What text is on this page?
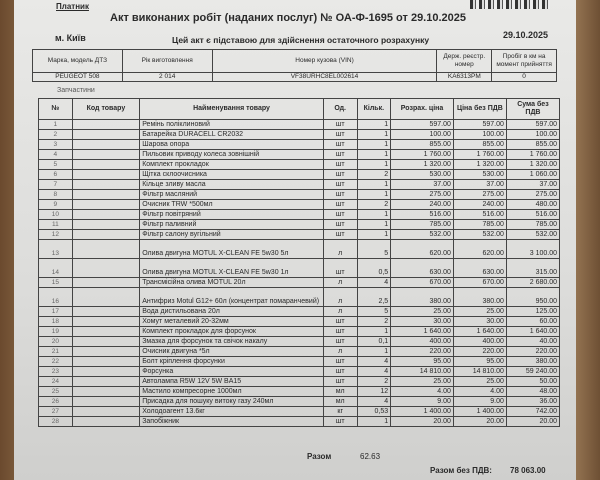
Платник
Акт виконаних робіт (наданих послуг) № ОА-Ф-1695 от 29.10.2025
м. Київ	29.10.2025
Цей акт є підставою для здійснення остаточного розрахунку
Марка, модель ДТЗ	Рік виготовлення	Номер кузова (VIN)	Держ. реєстр. номер	Пробіг в км на момент прийняття
PEUGEOT 508	2 014	VF38URHC8EL002614	KA6313PM	0
Запчастини
№	Код товару	Найменування товару	Од.	Кільк.	Розрах. ціна	Ціна без ПДВ	Сума без ПДВ
1		Ремінь поліклиновий	шт	1	597.00	597.00	597.00
2		Батарейка DURACELL CR2032	шт	1	100.00	100.00	100.00
3		Шарова опора	шт	1	855.00	855.00	855.00
4		Пильовик приводу колеса зовнішній	шт	1	1 760.00	1 760.00	1 760.00
5		Комплект прокладок	шт	1	1 320.00	1 320.00	1 320.00
6		Щітка склоочисника	шт	2	530.00	530.00	1 060.00
7		Кільце зливу масла	шт	1	37.00	37.00	37.00
8		Фільтр масляний	шт	1	275.00	275.00	275.00
9		Очисник TRW *500мл	шт	2	240.00	240.00	480.00
10		Фільтр повітряний	шт	1	516.00	516.00	516.00
11		Фільтр паливний	шт	1	785.00	785.00	785.00
12		Фільтр салону вугільний	шт	1	532.00	532.00	532.00
13		Олива двигуна MOTUL X-CLEAN FE 5w30 5л	л	5	620.00	620.00	3 100.00
14		Олива двигуна MOTUL X-CLEAN FE 5w30 1л	шт	0,5	630.00	630.00	315.00
15		Трансмісійна олива MOTUL 20л	л	4	670.00	670.00	2 680.00
16		Антифриз Motul G12+ 60л (концентрат помаранчевий)	л	2,5	380.00	380.00	950.00
17		Вода дистильована 20л	л	5	25.00	25.00	125.00
18		Хомут металевий 20-32мм	шт	2	30.00	30.00	60.00
19		Комплект прокладок для форсунок	шт	1	1 640.00	1 640.00	1 640.00
20		Змазка для форсунок та свічок накалу	шт	0,1	400.00	400.00	40.00
21		Очисник двигуна *5л	л	1	220.00	220.00	220.00
22		Болт кріплення форсунки	шт	4	95.00	95.00	380.00
23		Форсунка	шт	4	14 810.00	14 810.00	59 240.00
24		Автолампа R5W 12V 5W BA15	шт	2	25.00	25.00	50.00
25		Мастило компресорне 1000мл	мл	12	4.00	4.00	48.00
26		Присадка для пошуку витоку газу 240мл	мл	4	9.00	9.00	36.00
27		Холодоагент 13.6кг	кг	0,53	1 400.00	1 400.00	742.00
28		Запобіжник	шт	1	20.00	20.00	20.00
Разом	62.63
Разом без ПДВ: 78 063.00
